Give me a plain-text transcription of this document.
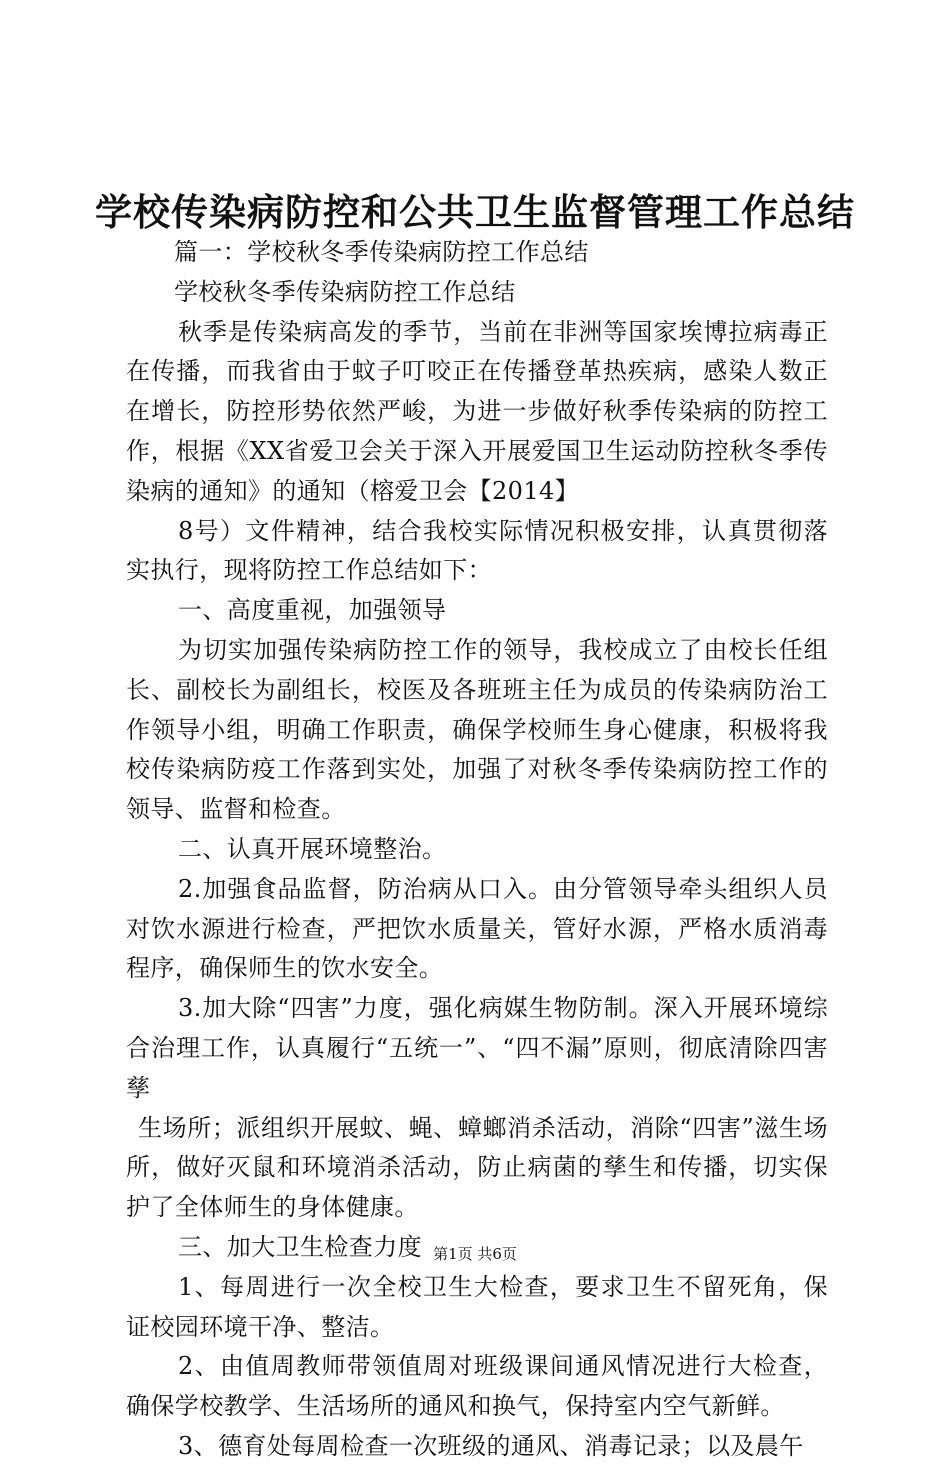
学校传染病防控和公共卫生监督管理工作总结

篇一：学校秋冬季传染病防控工作总结

学校秋冬季传染病防控工作总结

秋季是传染病高发的季节，当前在非洲等国家埃博拉病毒正在传播，而我省由于蚊子叮咬正在传播登革热疾病，感染人数正在增长，防控形势依然严峻，为进一步做好秋季传染病的防控工作，根据《XX省爱卫会关于深入开展爱国卫生运动防控秋冬季传染病的通知》的通知（榕爱卫会【2014】

8号）文件精神，结合我校实际情况积极安排，认真贯彻落实执行，现将防控工作总结如下：

一、高度重视，加强领导

为切实加强传染病防控工作的领导，我校成立了由校长任组长、副校长为副组长，校医及各班班主任为成员的传染病防治工作领导小组，明确工作职责，确保学校师生身心健康，积极将我校传染病防疫工作落到实处，加强了对秋冬季传染病防控工作的领导、监督和检查。

二、认真开展环境整治。

2.加强食品监督，防治病从口入。由分管领导牵头组织人员对饮水源进行检查，严把饮水质量关，管好水源，严格水质消毒程序，确保师生的饮水安全。

3.加大除“四害”力度，强化病媒生物防制。深入开展环境综合治理工作，认真履行“五统一”、“四不漏”原则，彻底清除四害孳

生场所；派组织开展蚊、蝇、蟑螂消杀活动，消除“四害”滋生场所，做好灭鼠和环境消杀活动，防止病菌的孳生和传播，切实保护了全体师生的身体健康。

三、加大卫生检查力度

1、每周进行一次全校卫生大检查，要求卫生不留死角，保证校园环境干净、整洁。

2、由值周教师带领值周对班级课间通风情况进行大检查，确保学校教学、生活场所的通风和换气，保持室内空气新鲜。

3、德育处每周检查一次班级的通风、消毒记录；以及晨午

第1页 共6页
